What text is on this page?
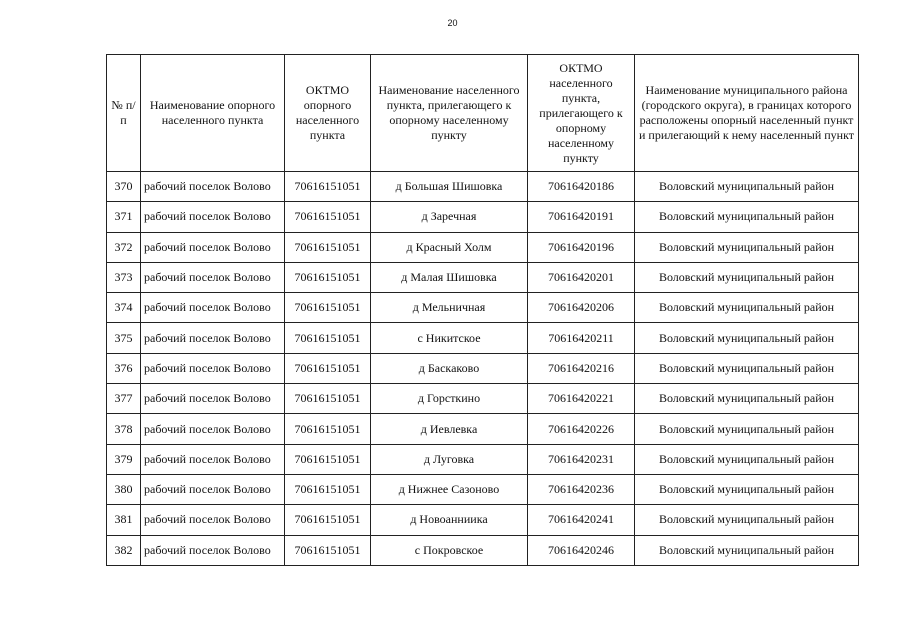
20
№ п/п	Наименование опорного населенного пункта	ОКТМО опорного населенного пункта	Наименование населенного пункта, прилегающего к опорному населенному пункту	ОКТМО населенного пункта, прилегающего к опорному населенному пункту	Наименование муниципального района (городского округа), в границах которого расположены опорный населенный пункт и прилегающий к нему населенный пункт
370	рабочий поселок Волово	70616151051	д Большая Шишовка	70616420186	Воловский муниципальный район
371	рабочий поселок Волово	70616151051	д Заречная	70616420191	Воловский муниципальный район
372	рабочий поселок Волово	70616151051	д Красный Холм	70616420196	Воловский муниципальный район
373	рабочий поселок Волово	70616151051	д Малая Шишовка	70616420201	Воловский муниципальный район
374	рабочий поселок Волово	70616151051	д Мельничная	70616420206	Воловский муниципальный район
375	рабочий поселок Волово	70616151051	с Никитское	70616420211	Воловский муниципальный район
376	рабочий поселок Волово	70616151051	д Баскаково	70616420216	Воловский муниципальный район
377	рабочий поселок Волово	70616151051	д Горсткино	70616420221	Воловский муниципальный район
378	рабочий поселок Волово	70616151051	д Иевлевка	70616420226	Воловский муниципальный район
379	рабочий поселок Волово	70616151051	д Луговка	70616420231	Воловский муниципальный район
380	рабочий поселок Волово	70616151051	д Нижнее Сазоново	70616420236	Воловский муниципальный район
381	рабочий поселок Волово	70616151051	д Новоанниика	70616420241	Воловский муниципальный район
382	рабочий поселок Волово	70616151051	с Покровское	70616420246	Воловский муниципальный район
